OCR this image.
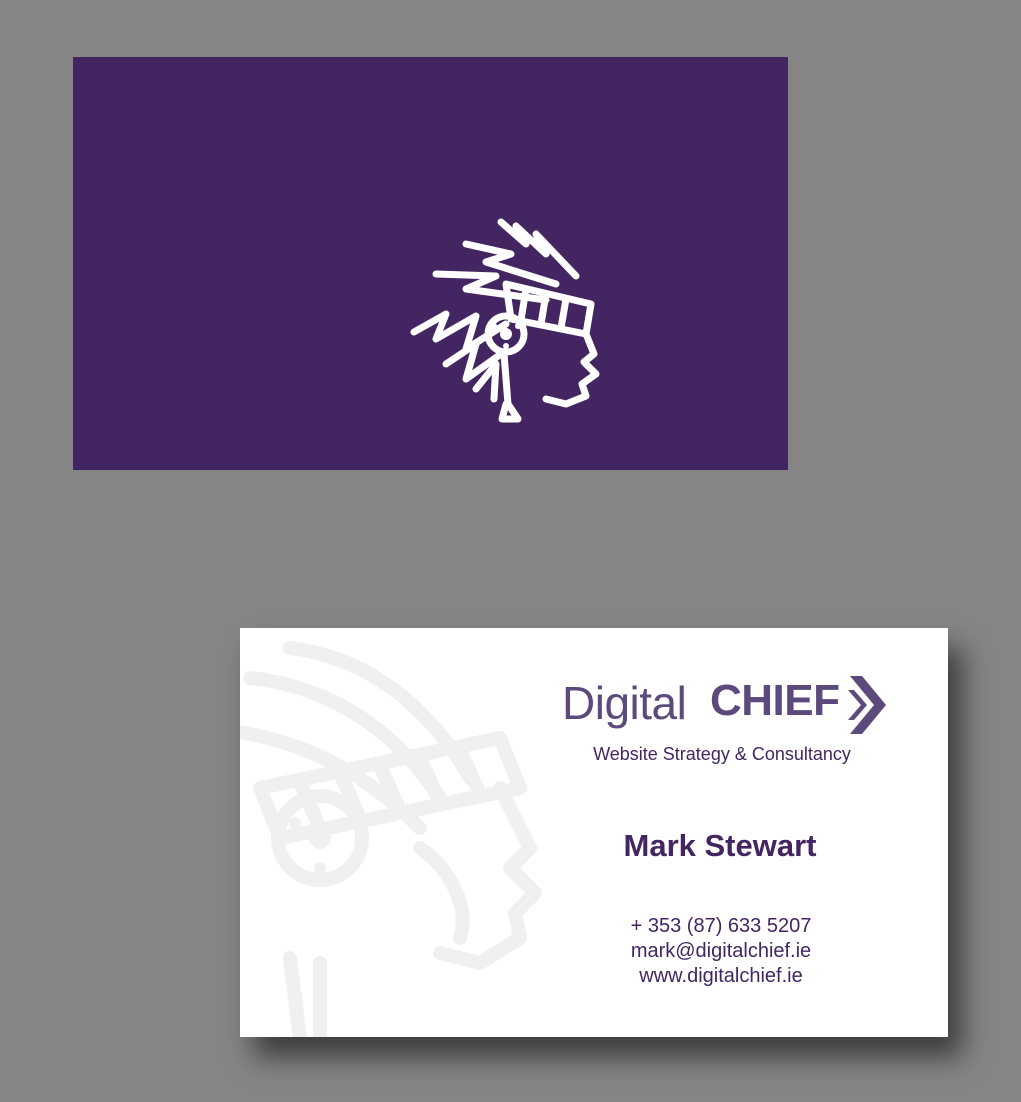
Digital CHIEF
Website Strategy & Consultancy
Mark Stewart
+ 353 (87) 633 5207
mark@digitalchief.ie
www.digitalchief.ie
